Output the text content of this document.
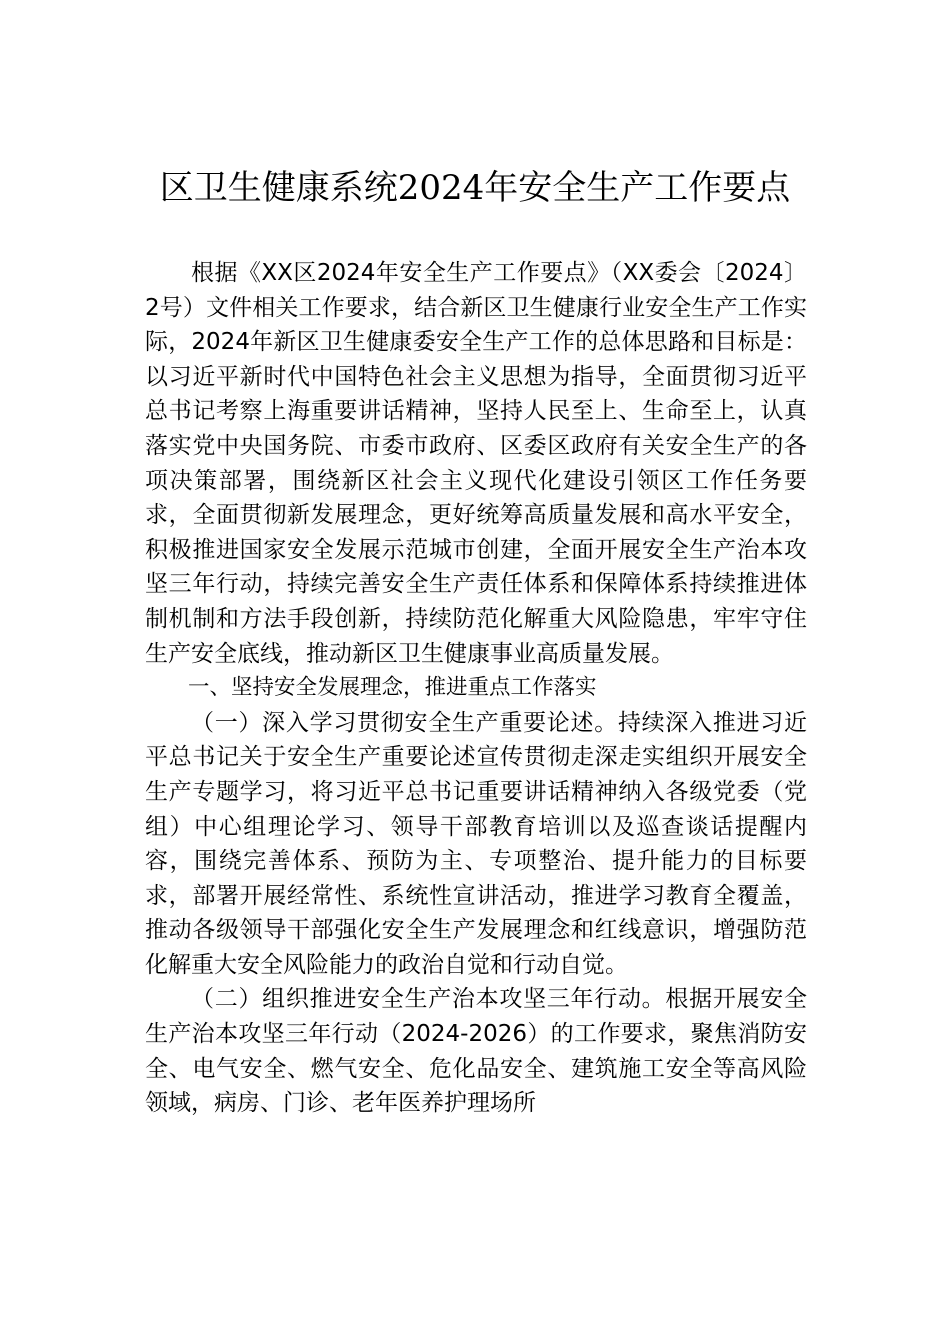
区卫生健康系统2024年安全生产工作要点

根据《XX区2024年安全生产工作要点》（XX委会〔2024〕2号）文件相关工作要求，结合新区卫生健康行业安全生产工作实际，2024年新区卫生健康委安全生产工作的总体思路和目标是：以习近平新时代中国特色社会主义思想为指导，全面贯彻习近平总书记考察上海重要讲话精神，坚持人民至上、生命至上，认真落实党中央国务院、市委市政府、区委区政府有关安全生产的各项决策部署，围绕新区社会主义现代化建设引领区工作任务要求，全面贯彻新发展理念，更好统筹高质量发展和高水平安全，积极推进国家安全发展示范城市创建，全面开展安全生产治本攻坚三年行动，持续完善安全生产责任体系和保障体系持续推进体制机制和方法手段创新，持续防范化解重大风险隐患，牢牢守住生产安全底线，推动新区卫生健康事业高质量发展。

一、坚持安全发展理念，推进重点工作落实

（一）深入学习贯彻安全生产重要论述。持续深入推进习近平总书记关于安全生产重要论述宣传贯彻走深走实组织开展安全生产专题学习，将习近平总书记重要讲话精神纳入各级党委（党组）中心组理论学习、领导干部教育培训以及巡查谈话提醒内容，围绕完善体系、预防为主、专项整治、提升能力的目标要求，部署开展经常性、系统性宣讲活动，推进学习教育全覆盖，推动各级领导干部强化安全生产发展理念和红线意识，增强防范化解重大安全风险能力的政治自觉和行动自觉。

（二）组织推进安全生产治本攻坚三年行动。根据开展安全生产治本攻坚三年行动（2024-2026）的工作要求，聚焦消防安全、电气安全、燃气安全、危化品安全、建筑施工安全等高风险领域，病房、门诊、老年医养护理场所
